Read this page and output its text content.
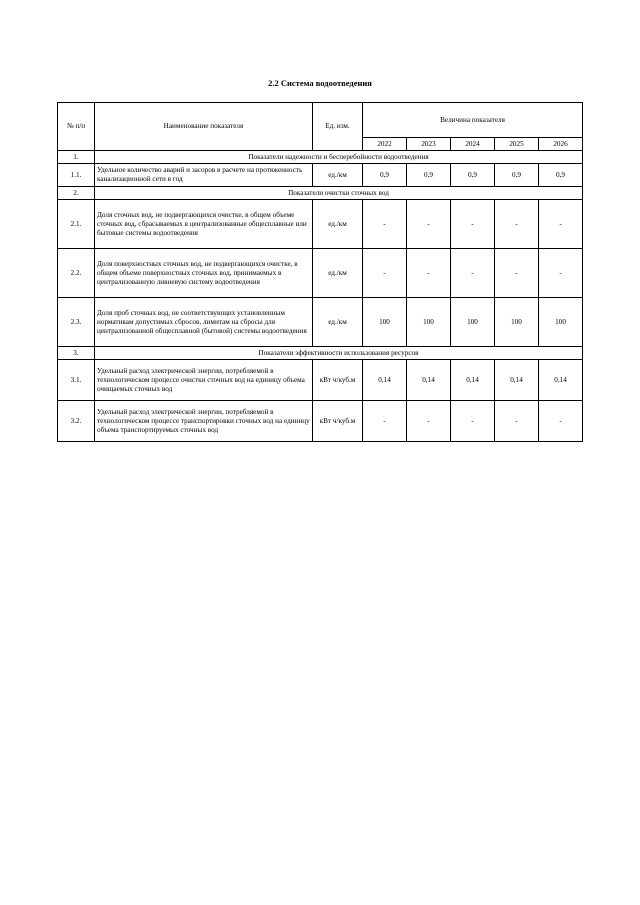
2.2 Система водоотведения
№ п/п	Наименование показателя	Ед. изм.	Величина показателя				
			2022	2023	2024	2025	2026
1.	Показатели надежности и бесперебойности водоотведения						
1.1.	Удельное количество аварий и засоров в расчете на протяженность канализационной сети в год	ед./км	0,9	0,9	0,9	0,9	0,9
2.	Показатели очистки сточных вод						
2.1.	Доля сточных вод, не подвергающихся очистке, в общем объеме сточных вод, сбрасываемых в централизованные общесплавные или бытовые системы водоотведения	ед./км	-	-	-	-	-
2.2.	Доля поверхностных сточных вод, не подвергающихся очистке, в общем объеме поверхностных сточных вод, принимаемых в централизованную ливневую систему водоотведения	ед./км	-	-	-	-	-
2.3.	Доля проб сточных вод, не соответствующих установленным нормативам допустимых сбросов, лимитам на сбросы для централизованной общесплавной (бытовой) системы водоотведения	ед./км	100	100	100	100	100
3.	Показатели эффективности использования ресурсов						
3.1.	Удельный расход электрической энергии, потребляемой в технологическом процессе очистки сточных вод на единицу объема очищаемых сточных вод	кВт ч/куб.м	0,14	0,14	0,14	0,14	0,14
3.2.	Удельный расход электрической энергии, потребляемой в технологическом процессе транспортировки сточных вод на единицу объема транспортируемых сточных вод	кВт ч/куб.м	-	-	-	-	-
